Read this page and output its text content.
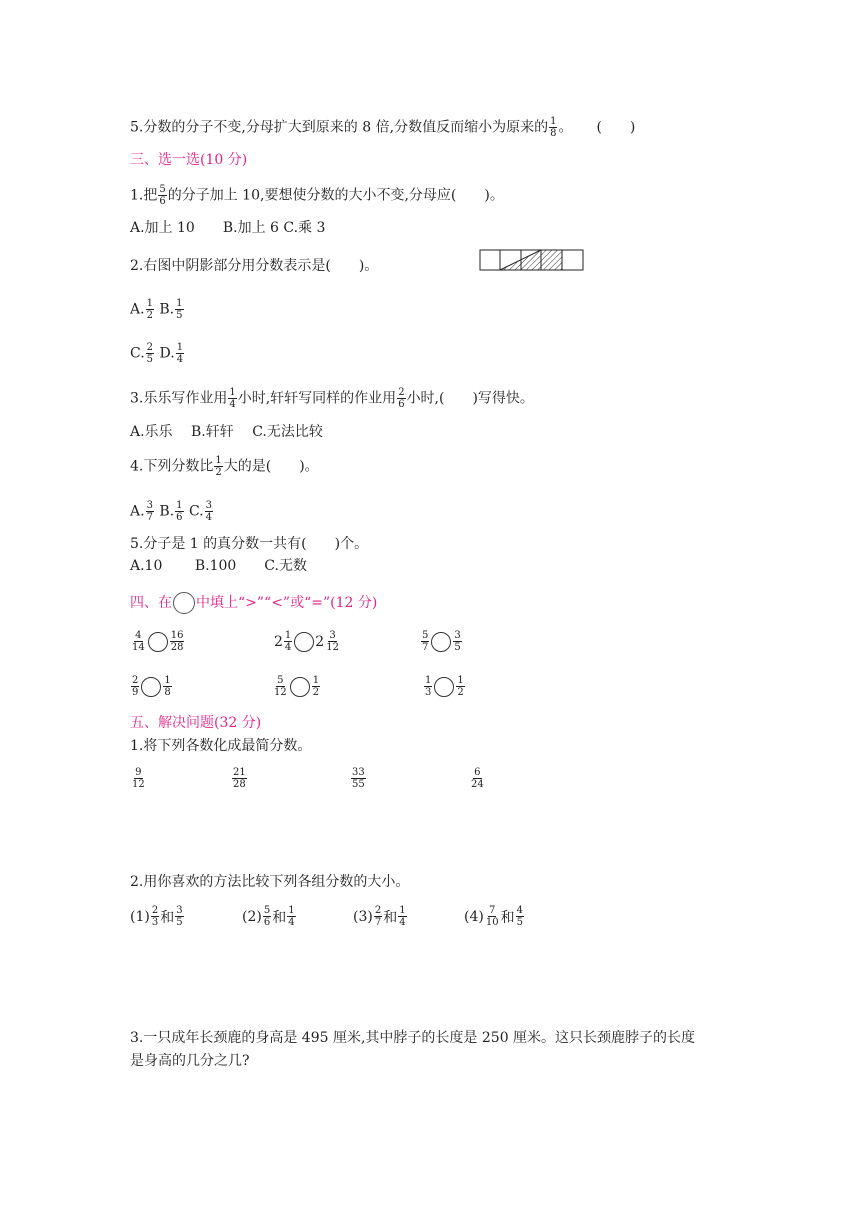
5.分数的分子不变,分母扩大到原来的 8 倍,分数值反而缩小为原来的 $\frac{1}{8}$ 。 (　　)
三、选一选(10 分)
1.把 $\frac{5}{6}$ 的分子加上 10,要想使分数的大小不变,分母应(　　)。
A.加上 10　　B.加上 6 C.乘 3
2.右图中阴影部分用分数表示是(　　)。
A. $\frac{1}{2} B$. $\frac{1}{5}$
C. $\frac{2}{5} D$. $\frac{1}{4}$
3.乐乐写作业用 $\frac{1}{4}$ 小时,轩轩写同样的作业用 $\frac{2}{6}$ 小时,(　　)写得快。
A.乐乐　 B.轩轩　 C.无法比较
4.下列分数比 $\frac{1}{2}$ 大的是(　　)。
A. $\frac{3}{7} B$. $\frac{1}{6} C$. $\frac{3}{4}$
5.分子是 1 的真分数一共有(　　)个。
A.10　　 B.100　　C.无数
四、在 中填上“>”“<”或“=”(12 分)
$\frac{4}{14} \frac{16}{28}$	$2 \frac{1}{4} 2 \frac{3}{12}$	$\frac{5}{7} \frac{3}{5}$
$\frac{2}{9} \frac{1}{8}$	$\frac{5}{12} \frac{1}{2}$	$\frac{1}{3} \frac{1}{2}$
五、解决问题(32 分)
1.将下列各数化成最简分数。
$\frac{9}{12}$	$\frac{21}{28}$	$\frac{33}{55}$	$\frac{6}{24}$
2.用你喜欢的方法比较下列各组分数的大小。
$(1) \frac{2}{3}$ 和 $\frac{3}{5}$	$(2) \frac{5}{6}$ 和 $\frac{1}{4}$	$(3) \frac{2}{7}$ 和 $\frac{1}{4}$	$(4) \frac{7}{10}$ 和 $\frac{4}{5}$
3.一只成年长颈鹿的身高是 495 厘米,其中脖子的长度是 250 厘米。这只长颈鹿脖子的长度
是身高的几分之几?
